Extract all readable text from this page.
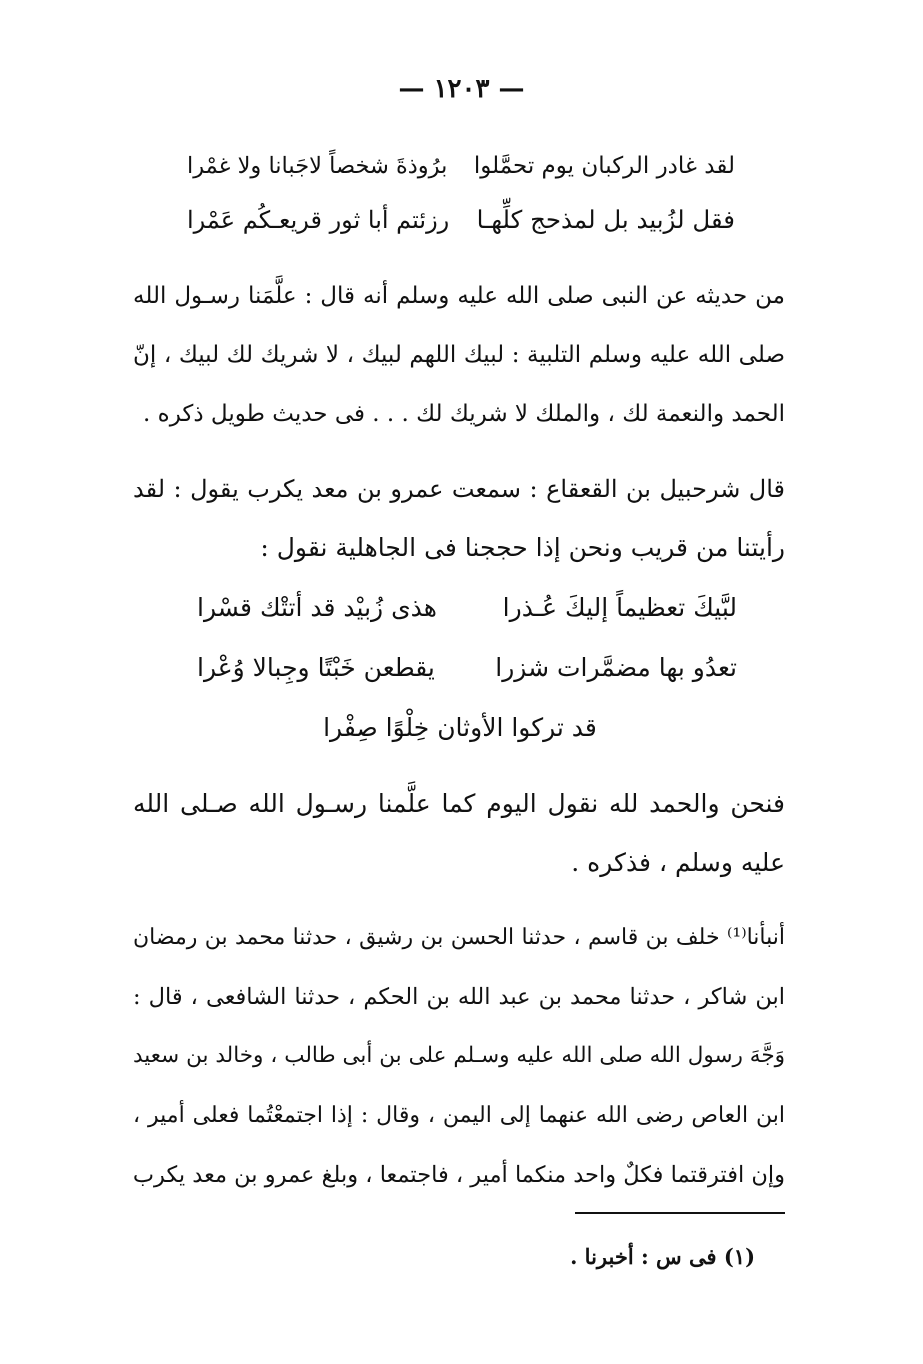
— ١٢٠٣ —
لقد غادر الركبان يوم تحمَّلوا
برُوذةَ شخصاً لاجَبانا ولا غمْرا
فقل لزُبيد بل لمذحج كلِّهـا
رزئتم أبا ثور قريعـكُم عَمْرا
من حديثه عن النبى صلى الله عليه وسلم أنه قال : علَّمَنا رسـول الله
صلى الله عليه وسلم التلبية : لبيك اللهم لبيك ، لا شريك لك لبيك ، إنّ
الحمد والنعمة لك ، والملك لا شريك لك . . . فى حديث طويل ذكره .
قال شرحبيل بن القعقاع : سمعت عمرو بن معد يكرب يقول : لقد
رأيتنا من قريب ونحن إذا حججنا فى الجاهلية نقول :
لبَّيكَ تعظيماً إليكَ عُـذرا
هذى زُبيْد قد أتتْك قسْرا
تعدُو بها مضمَّرات شزرا
يقطعن خَبْتًا وجِبالا وُعْرا
قد تركوا الأوثان خِلْوًا صِفْرا
فنحن والحمد لله نقول اليوم كما علَّمنا رسـول الله صـلى الله
عليه وسلم ، فذكره .
أنبأنا⁽¹⁾ خلف بن قاسم ، حدثنا الحسن بن رشيق ، حدثنا محمد بن رمضان
ابن شاكر ، حدثنا محمد بن عبد الله بن الحكم ، حدثنا الشافعى ، قال :
وَجَّهَ رسول الله صلى الله عليه وسـلم على بن أبى طالب ، وخالد بن سعيد
ابن العاص رضى الله عنهما إلى اليمن ، وقال : إذا اجتمعْتُما فعلى أمير ،
وإن افترقتما فكلٌ واحد منكما أمير ، فاجتمعا ، وبلغ عمرو بن معد يكرب
(١) فى س : أخبرنا .
